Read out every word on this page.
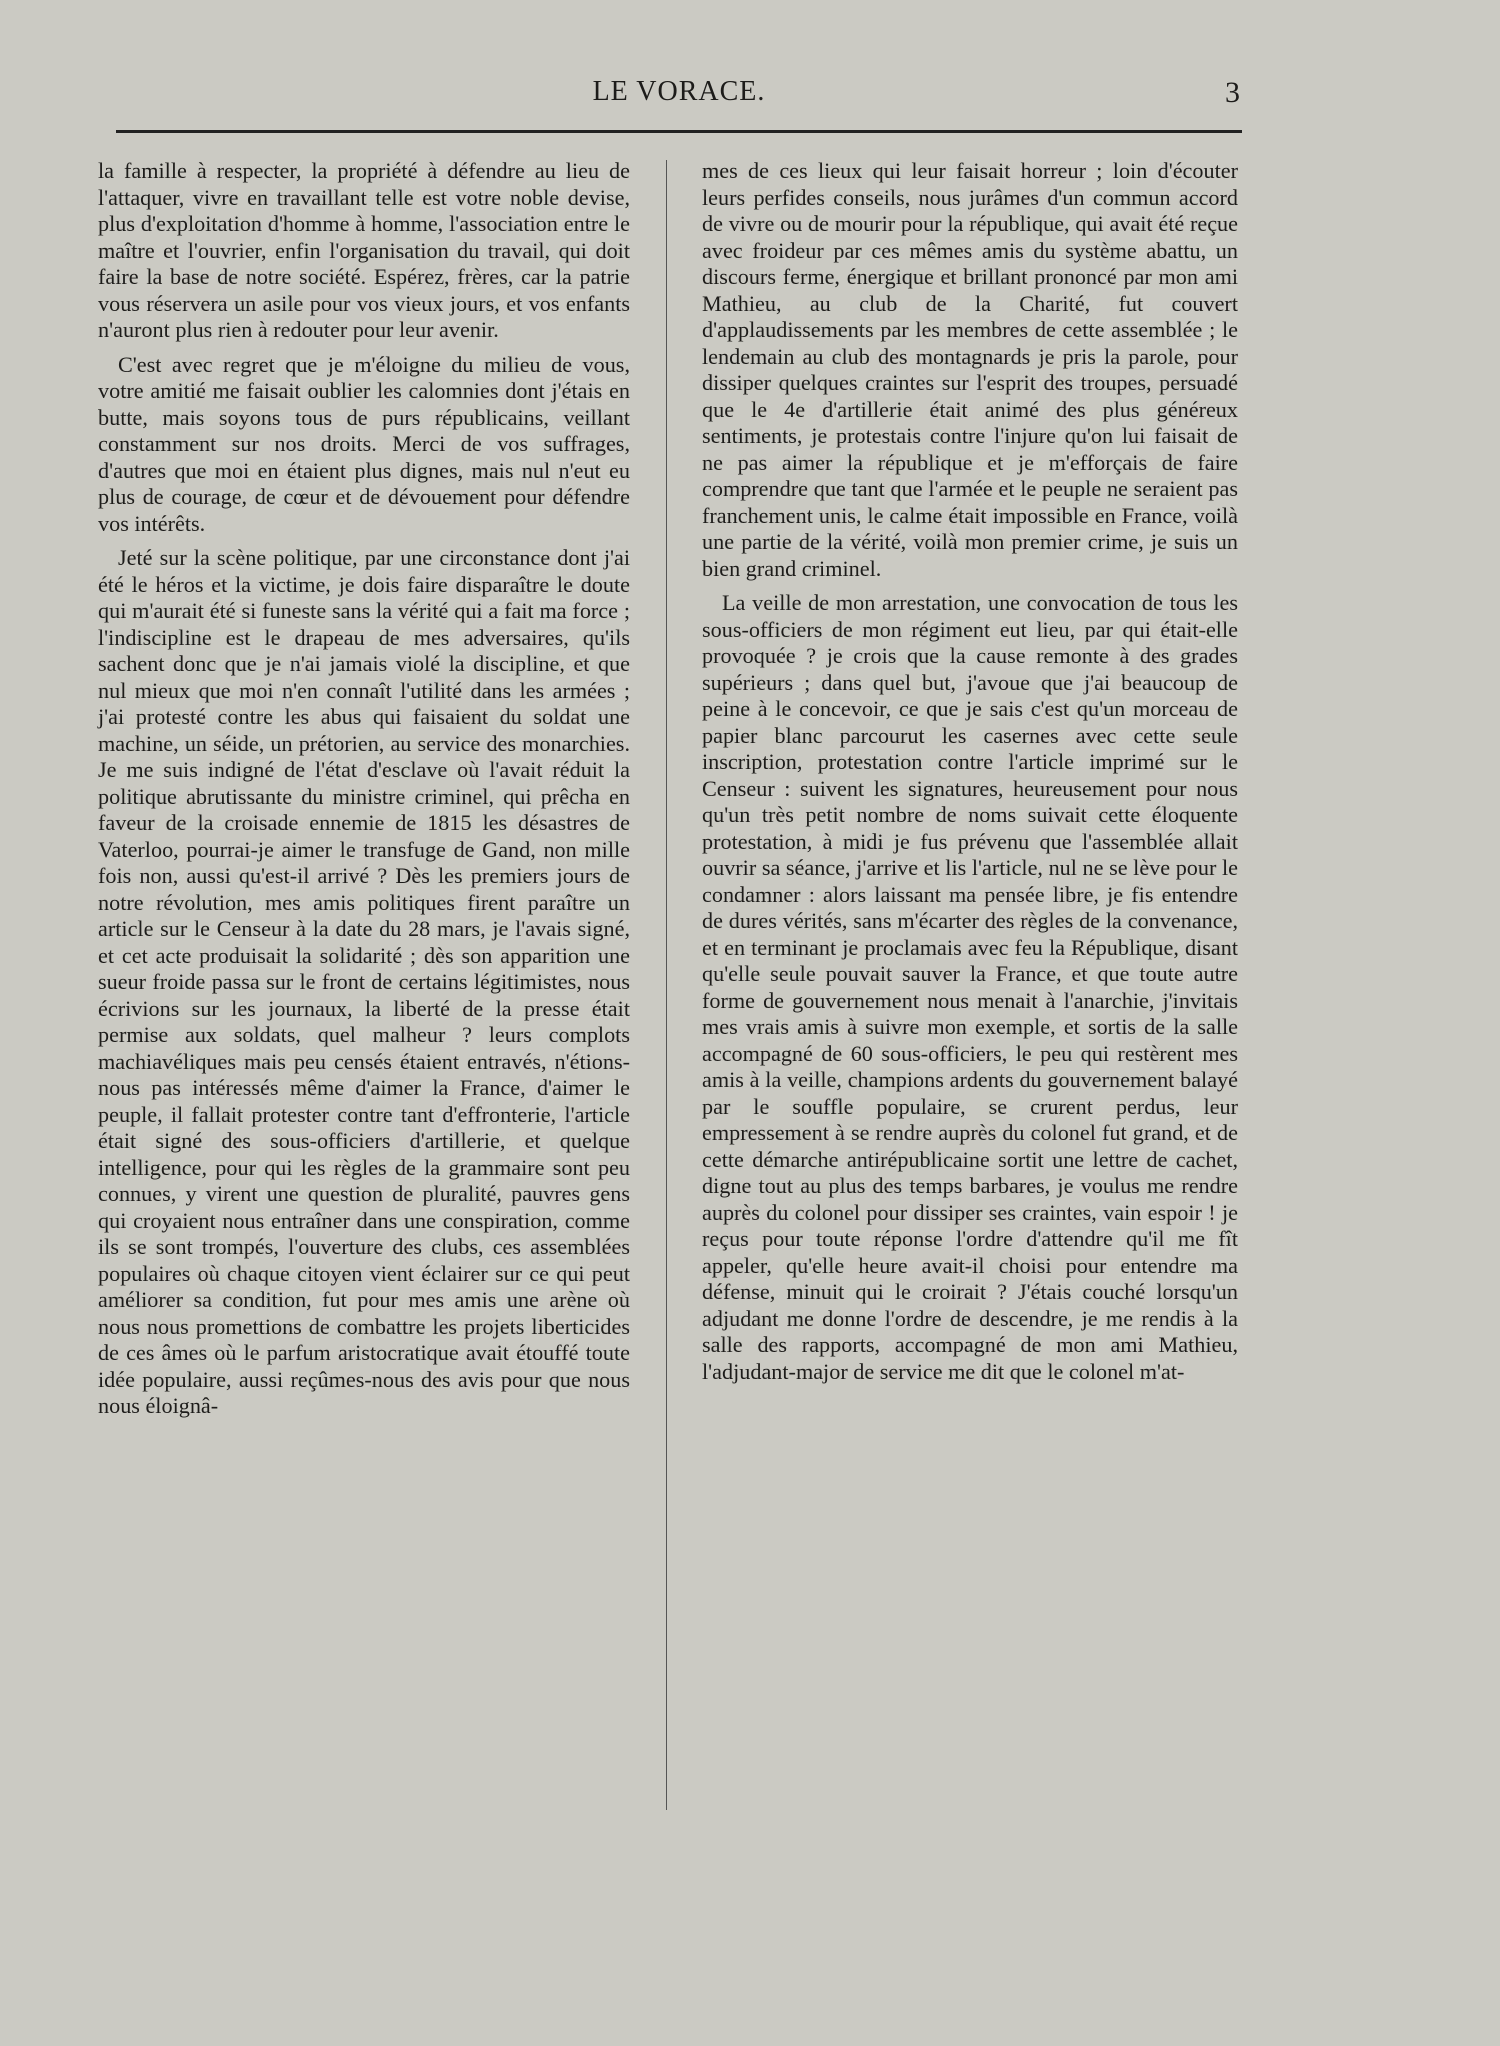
LE VORACE.	3

la famille à respecter, la propriété à défendre au lieu de l'attaquer, vivre en travaillant telle est votre noble devise, plus d'exploitation d'homme à homme, l'association entre le maître et l'ouvrier, enfin l'organisation du travail, qui doit faire la base de notre société. Espérez, frères, car la patrie vous réservera un asile pour vos vieux jours, et vos enfants n'auront plus rien à redouter pour leur avenir.

C'est avec regret que je m'éloigne du milieu de vous, votre amitié me faisait oublier les calomnies dont j'étais en butte, mais soyons tous de purs républicains, veillant constamment sur nos droits. Merci de vos suffrages, d'autres que moi en étaient plus dignes, mais nul n'eut eu plus de courage, de cœur et de dévouement pour défendre vos intérêts.

Jeté sur la scène politique, par une circonstance dont j'ai été le héros et la victime, je dois faire disparaître le doute qui m'aurait été si funeste sans la vérité qui a fait ma force ; l'indiscipline est le drapeau de mes adversaires, qu'ils sachent donc que je n'ai jamais violé la discipline, et que nul mieux que moi n'en connaît l'utilité dans les armées ; j'ai protesté contre les abus qui faisaient du soldat une machine, un séide, un prétorien, au service des monarchies. Je me suis indigné de l'état d'esclave où l'avait réduit la politique abrutissante du ministre criminel, qui prêcha en faveur de la croisade ennemie de 1815 les désastres de Vaterloo, pourrai-je aimer le transfuge de Gand, non mille fois non, aussi qu'est-il arrivé ? Dès les premiers jours de notre révolution, mes amis politiques firent paraître un article sur le Censeur à la date du 28 mars, je l'avais signé, et cet acte produisait la solidarité ; dès son apparition une sueur froide passa sur le front de certains légitimistes, nous écrivions sur les journaux, la liberté de la presse était permise aux soldats, quel malheur ? leurs complots machiavéliques mais peu censés étaient entravés, n'étions-nous pas intéressés même d'aimer la France, d'aimer le peuple, il fallait protester contre tant d'effronterie, l'article était signé des sous-officiers d'artillerie, et quelque intelligence, pour qui les règles de la grammaire sont peu connues, y virent une question de pluralité, pauvres gens qui croyaient nous entraîner dans une conspiration, comme ils se sont trompés, l'ouverture des clubs, ces assemblées populaires où chaque citoyen vient éclairer sur ce qui peut améliorer sa condition, fut pour mes amis une arène où nous nous promettions de combattre les projets liberticides de ces âmes où le parfum aristocratique avait étouffé toute idée populaire, aussi reçûmes-nous des avis pour que nous nous éloignâ-

mes de ces lieux qui leur faisait horreur ; loin d'écouter leurs perfides conseils, nous jurâmes d'un commun accord de vivre ou de mourir pour la république, qui avait été reçue avec froideur par ces mêmes amis du système abattu, un discours ferme, énergique et brillant prononcé par mon ami Mathieu, au club de la Charité, fut couvert d'applaudissements par les membres de cette assemblée ; le lendemain au club des montagnards je pris la parole, pour dissiper quelques craintes sur l'esprit des troupes, persuadé que le 4e d'artillerie était animé des plus généreux sentiments, je protestais contre l'injure qu'on lui faisait de ne pas aimer la république et je m'efforçais de faire comprendre que tant que l'armée et le peuple ne seraient pas franchement unis, le calme était impossible en France, voilà une partie de la vérité, voilà mon premier crime, je suis un bien grand criminel.

La veille de mon arrestation, une convocation de tous les sous-officiers de mon régiment eut lieu, par qui était-elle provoquée ? je crois que la cause remonte à des grades supérieurs ; dans quel but, j'avoue que j'ai beaucoup de peine à le concevoir, ce que je sais c'est qu'un morceau de papier blanc parcourut les casernes avec cette seule inscription, protestation contre l'article imprimé sur le Censeur : suivent les signatures, heureusement pour nous qu'un très petit nombre de noms suivait cette éloquente protestation, à midi je fus prévenu que l'assemblée allait ouvrir sa séance, j'arrive et lis l'article, nul ne se lève pour le condamner : alors laissant ma pensée libre, je fis entendre de dures vérités, sans m'écarter des règles de la convenance, et en terminant je proclamais avec feu la République, disant qu'elle seule pouvait sauver la France, et que toute autre forme de gouvernement nous menait à l'anarchie, j'invitais mes vrais amis à suivre mon exemple, et sortis de la salle accompagné de 60 sous-officiers, le peu qui restèrent mes amis à la veille, champions ardents du gouvernement balayé par le souffle populaire, se crurent perdus, leur empressement à se rendre auprès du colonel fut grand, et de cette démarche antirépublicaine sortit une lettre de cachet, digne tout au plus des temps barbares, je voulus me rendre auprès du colonel pour dissiper ses craintes, vain espoir ! je reçus pour toute réponse l'ordre d'attendre qu'il me fît appeler, qu'elle heure avait-il choisi pour entendre ma défense, minuit qui le croirait ? J'étais couché lorsqu'un adjudant me donne l'ordre de descendre, je me rendis à la salle des rapports, accompagné de mon ami Mathieu, l'adjudant-major de service me dit que le colonel m'at-
